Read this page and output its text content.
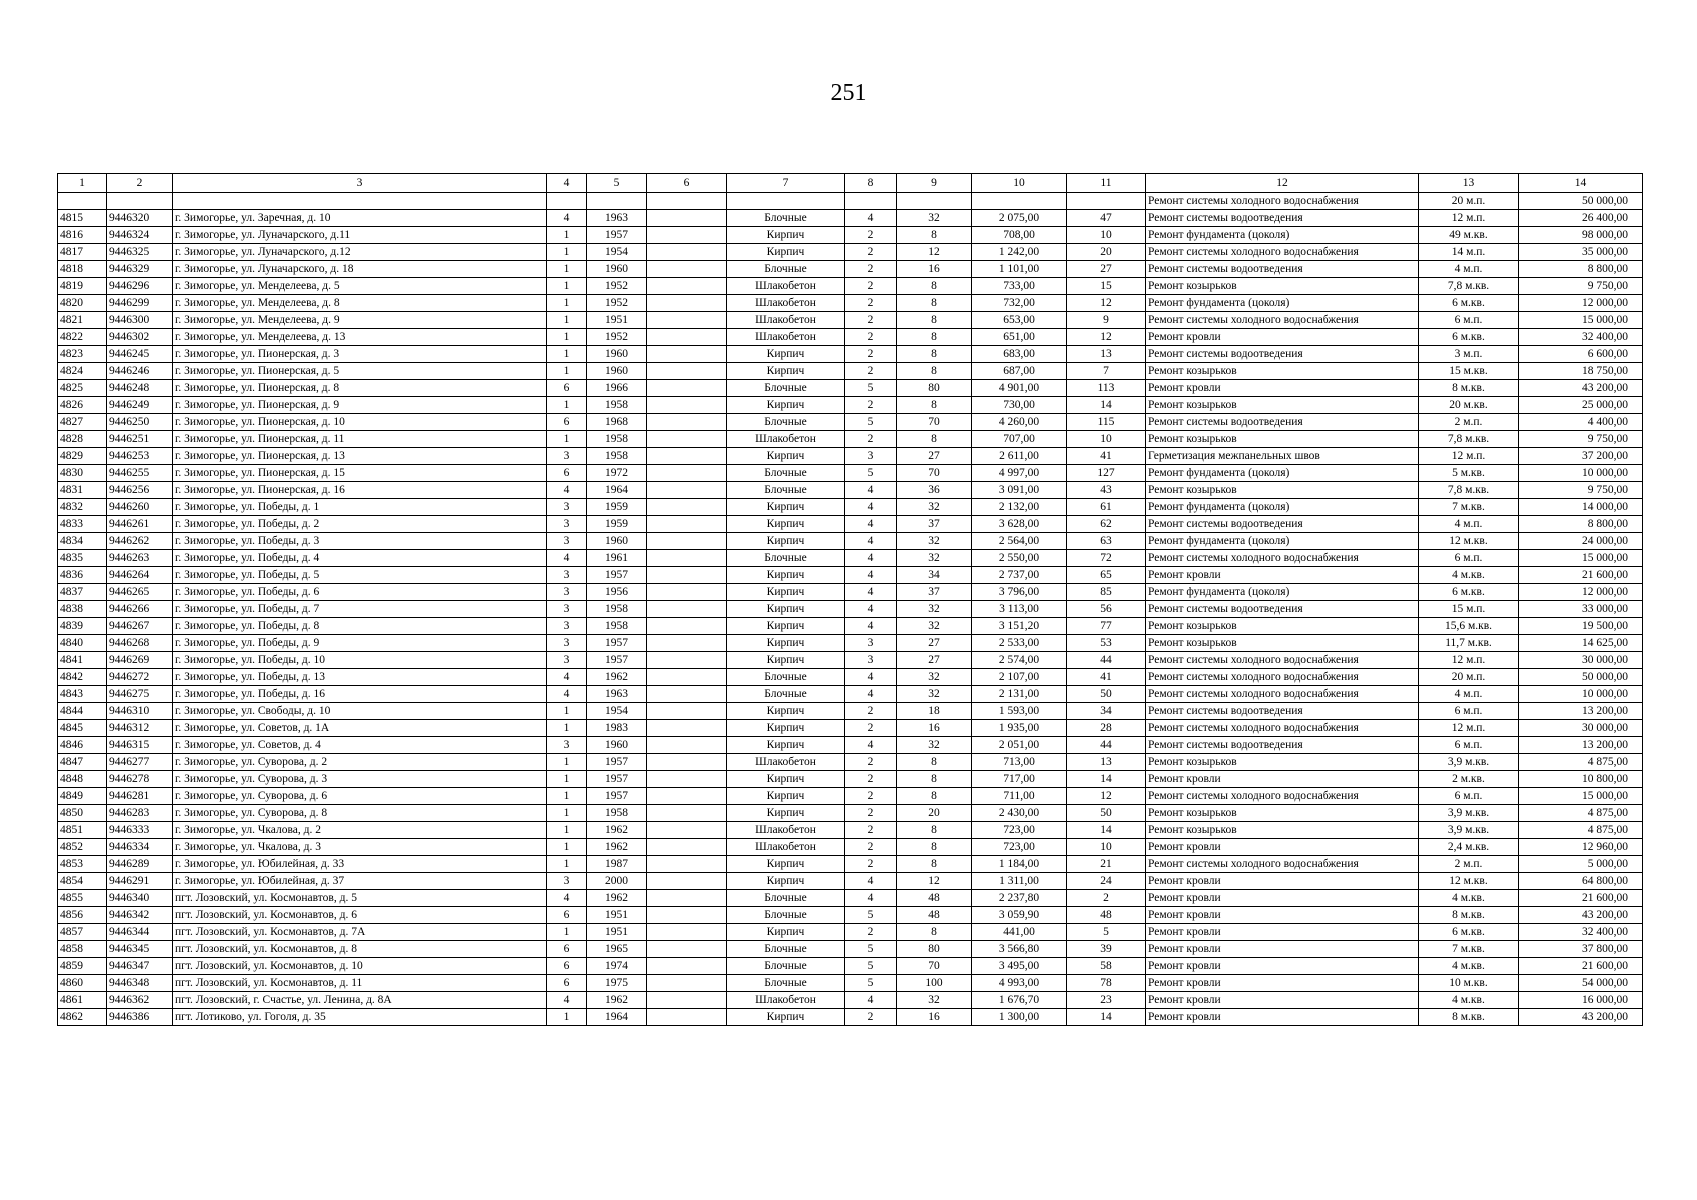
251
1	2	3	4	5	6	7	8	9	10	11	12	13	14
											Ремонт системы холодного водоснабжения	20 м.п.	50 000,00
4815	9446320	г. Зимогорье, ул. Заречная, д. 10	4	1963		Блочные	4	32	2 075,00	47	Ремонт системы водоотведения	12 м.п.	26 400,00
4816	9446324	г. Зимогорье, ул. Луначарского, д.11	1	1957		Кирпич	2	8	708,00	10	Ремонт фундамента (цоколя)	49 м.кв.	98 000,00
4817	9446325	г. Зимогорье, ул. Луначарского, д.12	1	1954		Кирпич	2	12	1 242,00	20	Ремонт системы холодного водоснабжения	14 м.п.	35 000,00
4818	9446329	г. Зимогорье, ул. Луначарского, д. 18	1	1960		Блочные	2	16	1 101,00	27	Ремонт системы водоотведения	4 м.п.	8 800,00
4819	9446296	г. Зимогорье, ул. Менделеева, д. 5	1	1952		Шлакобетон	2	8	733,00	15	Ремонт козырьков	7,8 м.кв.	9 750,00
4820	9446299	г. Зимогорье, ул. Менделеева, д. 8	1	1952		Шлакобетон	2	8	732,00	12	Ремонт фундамента (цоколя)	6 м.кв.	12 000,00
4821	9446300	г. Зимогорье, ул. Менделеева, д. 9	1	1951		Шлакобетон	2	8	653,00	9	Ремонт системы холодного водоснабжения	6 м.п.	15 000,00
4822	9446302	г. Зимогорье, ул. Менделеева, д. 13	1	1952		Шлакобетон	2	8	651,00	12	Ремонт кровли	6 м.кв.	32 400,00
4823	9446245	г. Зимогорье, ул. Пионерская, д. 3	1	1960		Кирпич	2	8	683,00	13	Ремонт системы водоотведения	3 м.п.	6 600,00
4824	9446246	г. Зимогорье, ул. Пионерская, д. 5	1	1960		Кирпич	2	8	687,00	7	Ремонт козырьков	15 м.кв.	18 750,00
4825	9446248	г. Зимогорье, ул. Пионерская, д. 8	6	1966		Блочные	5	80	4 901,00	113	Ремонт кровли	8 м.кв.	43 200,00
4826	9446249	г. Зимогорье, ул. Пионерская, д. 9	1	1958		Кирпич	2	8	730,00	14	Ремонт козырьков	20 м.кв.	25 000,00
4827	9446250	г. Зимогорье, ул. Пионерская, д. 10	6	1968		Блочные	5	70	4 260,00	115	Ремонт системы водоотведения	2 м.п.	4 400,00
4828	9446251	г. Зимогорье, ул. Пионерская, д. 11	1	1958		Шлакобетон	2	8	707,00	10	Ремонт козырьков	7,8 м.кв.	9 750,00
4829	9446253	г. Зимогорье, ул. Пионерская, д. 13	3	1958		Кирпич	3	27	2 611,00	41	Герметизация межпанельных швов	12 м.п.	37 200,00
4830	9446255	г. Зимогорье, ул. Пионерская, д. 15	6	1972		Блочные	5	70	4 997,00	127	Ремонт фундамента (цоколя)	5 м.кв.	10 000,00
4831	9446256	г. Зимогорье, ул. Пионерская, д. 16	4	1964		Блочные	4	36	3 091,00	43	Ремонт козырьков	7,8 м.кв.	9 750,00
4832	9446260	г. Зимогорье, ул. Победы, д. 1	3	1959		Кирпич	4	32	2 132,00	61	Ремонт фундамента (цоколя)	7 м.кв.	14 000,00
4833	9446261	г. Зимогорье, ул. Победы, д. 2	3	1959		Кирпич	4	37	3 628,00	62	Ремонт системы водоотведения	4 м.п.	8 800,00
4834	9446262	г. Зимогорье, ул. Победы, д. 3	3	1960		Кирпич	4	32	2 564,00	63	Ремонт фундамента (цоколя)	12 м.кв.	24 000,00
4835	9446263	г. Зимогорье, ул. Победы, д. 4	4	1961		Блочные	4	32	2 550,00	72	Ремонт системы холодного водоснабжения	6 м.п.	15 000,00
4836	9446264	г. Зимогорье, ул. Победы, д. 5	3	1957		Кирпич	4	34	2 737,00	65	Ремонт кровли	4 м.кв.	21 600,00
4837	9446265	г. Зимогорье, ул. Победы, д. 6	3	1956		Кирпич	4	37	3 796,00	85	Ремонт фундамента (цоколя)	6 м.кв.	12 000,00
4838	9446266	г. Зимогорье, ул. Победы, д. 7	3	1958		Кирпич	4	32	3 113,00	56	Ремонт системы водоотведения	15 м.п.	33 000,00
4839	9446267	г. Зимогорье, ул. Победы, д. 8	3	1958		Кирпич	4	32	3 151,20	77	Ремонт козырьков	15,6 м.кв.	19 500,00
4840	9446268	г. Зимогорье, ул. Победы, д. 9	3	1957		Кирпич	3	27	2 533,00	53	Ремонт козырьков	11,7 м.кв.	14 625,00
4841	9446269	г. Зимогорье, ул. Победы, д. 10	3	1957		Кирпич	3	27	2 574,00	44	Ремонт системы холодного водоснабжения	12 м.п.	30 000,00
4842	9446272	г. Зимогорье, ул. Победы, д. 13	4	1962		Блочные	4	32	2 107,00	41	Ремонт системы холодного водоснабжения	20 м.п.	50 000,00
4843	9446275	г. Зимогорье, ул. Победы, д. 16	4	1963		Блочные	4	32	2 131,00	50	Ремонт системы холодного водоснабжения	4 м.п.	10 000,00
4844	9446310	г. Зимогорье, ул. Свободы, д. 10	1	1954		Кирпич	2	18	1 593,00	34	Ремонт системы водоотведения	6 м.п.	13 200,00
4845	9446312	г. Зимогорье, ул. Советов, д. 1А	1	1983		Кирпич	2	16	1 935,00	28	Ремонт системы холодного водоснабжения	12 м.п.	30 000,00
4846	9446315	г. Зимогорье, ул. Советов, д. 4	3	1960		Кирпич	4	32	2 051,00	44	Ремонт системы водоотведения	6 м.п.	13 200,00
4847	9446277	г. Зимогорье, ул. Суворова, д. 2	1	1957		Шлакобетон	2	8	713,00	13	Ремонт козырьков	3,9 м.кв.	4 875,00
4848	9446278	г. Зимогорье, ул. Суворова, д. 3	1	1957		Кирпич	2	8	717,00	14	Ремонт кровли	2 м.кв.	10 800,00
4849	9446281	г. Зимогорье, ул. Суворова, д. 6	1	1957		Кирпич	2	8	711,00	12	Ремонт системы холодного водоснабжения	6 м.п.	15 000,00
4850	9446283	г. Зимогорье, ул. Суворова, д. 8	1	1958		Кирпич	2	20	2 430,00	50	Ремонт козырьков	3,9 м.кв.	4 875,00
4851	9446333	г. Зимогорье, ул. Чкалова, д. 2	1	1962		Шлакобетон	2	8	723,00	14	Ремонт козырьков	3,9 м.кв.	4 875,00
4852	9446334	г. Зимогорье, ул. Чкалова, д. 3	1	1962		Шлакобетон	2	8	723,00	10	Ремонт кровли	2,4 м.кв.	12 960,00
4853	9446289	г. Зимогорье, ул. Юбилейная, д. 33	1	1987		Кирпич	2	8	1 184,00	21	Ремонт системы холодного водоснабжения	2 м.п.	5 000,00
4854	9446291	г. Зимогорье, ул. Юбилейная, д. 37	3	2000		Кирпич	4	12	1 311,00	24	Ремонт кровли	12 м.кв.	64 800,00
4855	9446340	пгт. Лозовский, ул. Космонавтов, д. 5	4	1962		Блочные	4	48	2 237,80	2	Ремонт кровли	4 м.кв.	21 600,00
4856	9446342	пгт. Лозовский, ул. Космонавтов, д. 6	6	1951		Блочные	5	48	3 059,90	48	Ремонт кровли	8 м.кв.	43 200,00
4857	9446344	пгт. Лозовский, ул. Космонавтов, д. 7А	1	1951		Кирпич	2	8	441,00	5	Ремонт кровли	6 м.кв.	32 400,00
4858	9446345	пгт. Лозовский, ул. Космонавтов, д. 8	6	1965		Блочные	5	80	3 566,80	39	Ремонт кровли	7 м.кв.	37 800,00
4859	9446347	пгт. Лозовский, ул. Космонавтов, д. 10	6	1974		Блочные	5	70	3 495,00	58	Ремонт кровли	4 м.кв.	21 600,00
4860	9446348	пгт. Лозовский, ул. Космонавтов, д. 11	6	1975		Блочные	5	100	4 993,00	78	Ремонт кровли	10 м.кв.	54 000,00
4861	9446362	пгт. Лозовский, г. Счастье, ул. Ленина, д. 8А	4	1962		Шлакобетон	4	32	1 676,70	23	Ремонт кровли	4 м.кв.	16 000,00
4862	9446386	пгт. Лотиково, ул. Гоголя, д. 35	1	1964		Кирпич	2	16	1 300,00	14	Ремонт кровли	8 м.кв.	43 200,00
